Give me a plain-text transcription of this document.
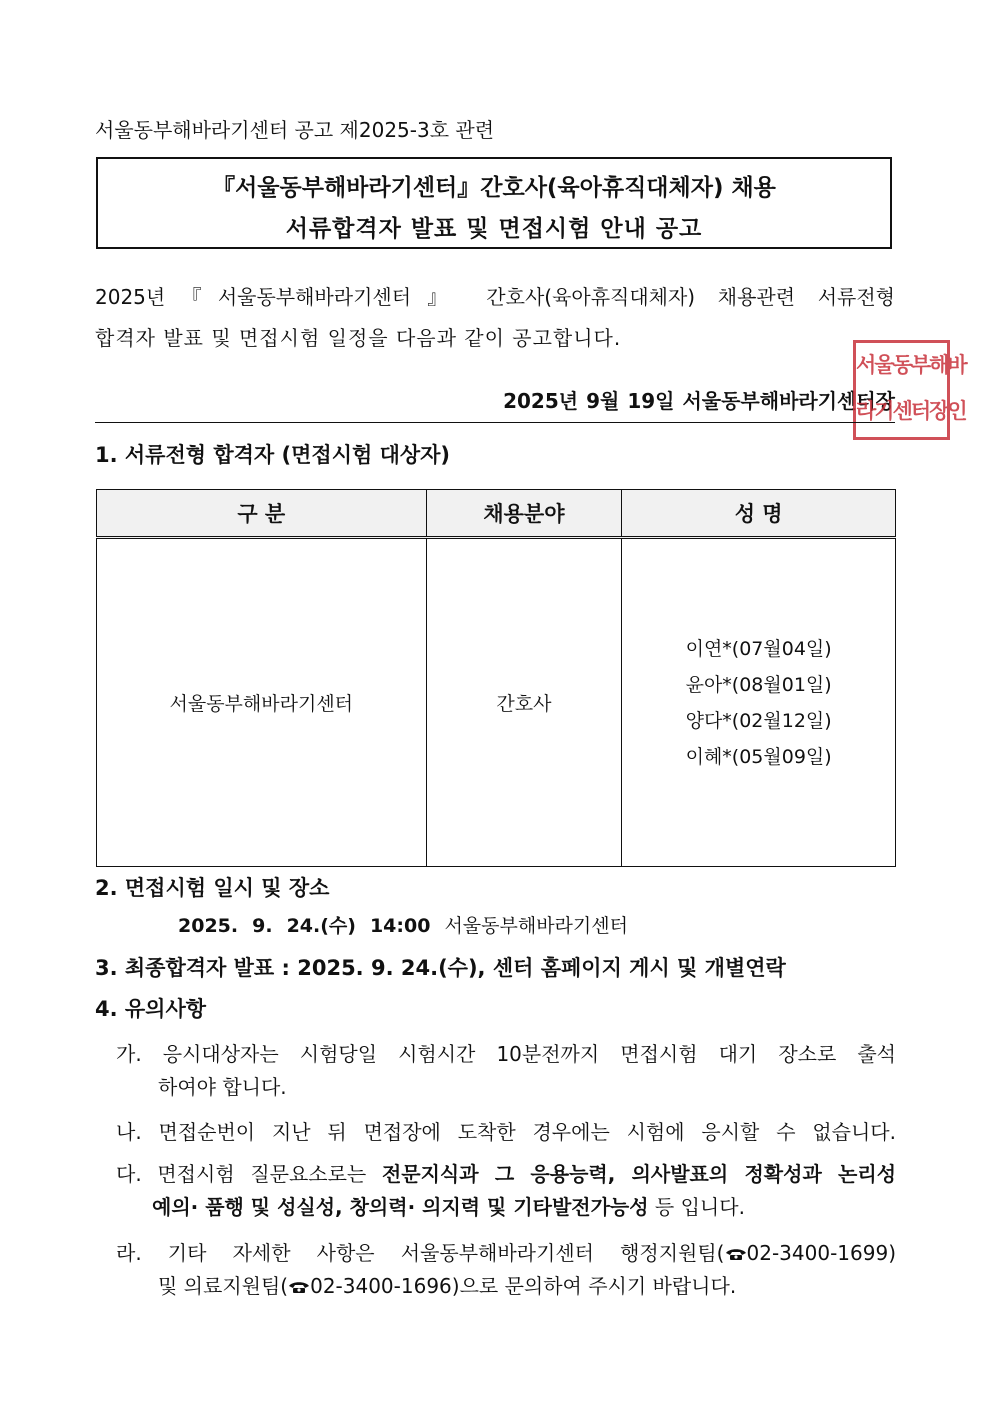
서울동부해바라기센터 공고 제2025-3호 관련
『서울동부해바라기센터』간호사(육아휴직대체자) 채용
서류합격자 발표 및 면접시험 안내 공고
2025년『서울동부해바라기센터』 간호사(육아휴직대체자) 채용관련 서류전형
합격자 발표 및 면접시험 일정을 다음과 같이 공고합니다.
2025년 9월 19일 서울동부해바라기센터장
서울동부해바
라기센터장인
1. 서류전형 합격자 (면접시험 대상자)
구 분	채용분야	성 명
서울동부해바라기센터	간호사	이연*(07월04일)
윤아*(08월01일)
양다*(02월12일)
이혜*(05월09일)
2. 면접시험 일시 및 장소
2025. 9. 24.(수) 14:00 서울동부해바라기센터
3. 최종합격자 발표 : 2025. 9. 24.(수), 센터 홈페이지 게시 및 개별연락
4. 유의사항
가. 응시대상자는 시험당일 시험시간 10분전까지 면접시험 대기 장소로 출석
하여야 합니다.
나. 면접순번이 지난 뒤 면접장에 도착한 경우에는 시험에 응시할 수 없습니다.
다. 면접시험 질문요소로는 전문지식과 그 응용능력, 의사발표의 정확성과 논리성
예의· 품행 및 성실성, 창의력· 의지력 및 기타발전가능성 등 입니다.
라. 기타 자세한 사항은 서울동부해바라기센터 행정지원팀( 02-3400-1699)
및 의료지원팀( 02-3400-1696)으로 문의하여 주시기 바랍니다.
